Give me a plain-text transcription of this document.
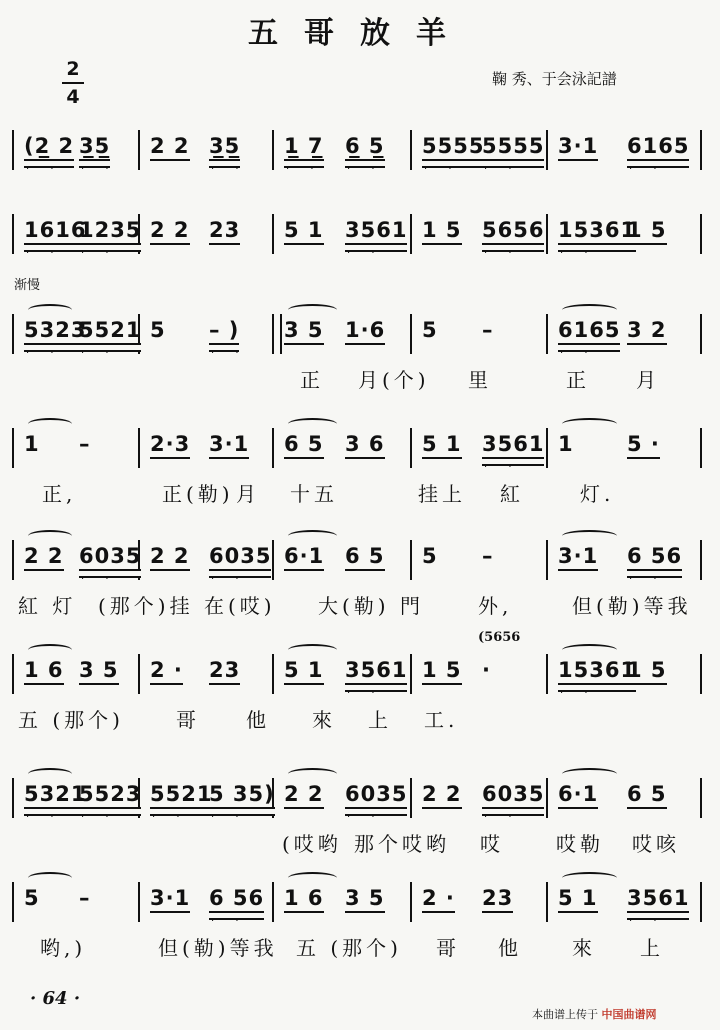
五哥放羊
2
4
鞠 秀、于会泳記譜
渐慢
(2̲ 2
· ·
3̲5̲
· ·
2 2 3̲5̲
· ·
1̲ 7̲
· ·
6̲ 5̲
· ·
5555
· ·
5555
· ·
3·1 6165
· ·
1616
· ·
1235
· ·
2 2 23 5 1 3561
· ·
1 5 5656
· ·
15361
· ·
1 5
5323
· ·
5521
· ·
5 – )
· ·
3 5 1·6 5 –	6165
· ·
3 2
正 月(个) 里	正 月
1 –	2·3 3·1 6 5 3 6 5 1 3561
· ·
1	5 ·
正,	正(勒) 月 十五	挂上 紅	灯.
2 2 6035
· ·
2 2 6035
· ·
6·1 6 5 5 –	3·1 6 56
· ·
紅 灯 (那个)挂 在 (哎) 大(勒) 門	外,	但(勒)等我
1 6 3 5 2 · 23 5 1 3561
· ·
1 5 ·	15361
· ·
1 5
五 (那个)	哥 他 來 上 工.
(5656
5321
· ·
5523
· ·
5521
· ·
5 35)
· ·
2 2 6035
· ·
2 2 6035
· ·
6·1 6 5
(哎哟 那个哎哟 哎	哎勒 哎咳
5 –	3·1 6 56
· ·
1 6 3 5 2 · 23 5 1 3561
· ·
哟,)	但(勒)等我 五 (那个) 哥 他	來 上
· 64 ·
本曲谱上传于 中国曲谱网
